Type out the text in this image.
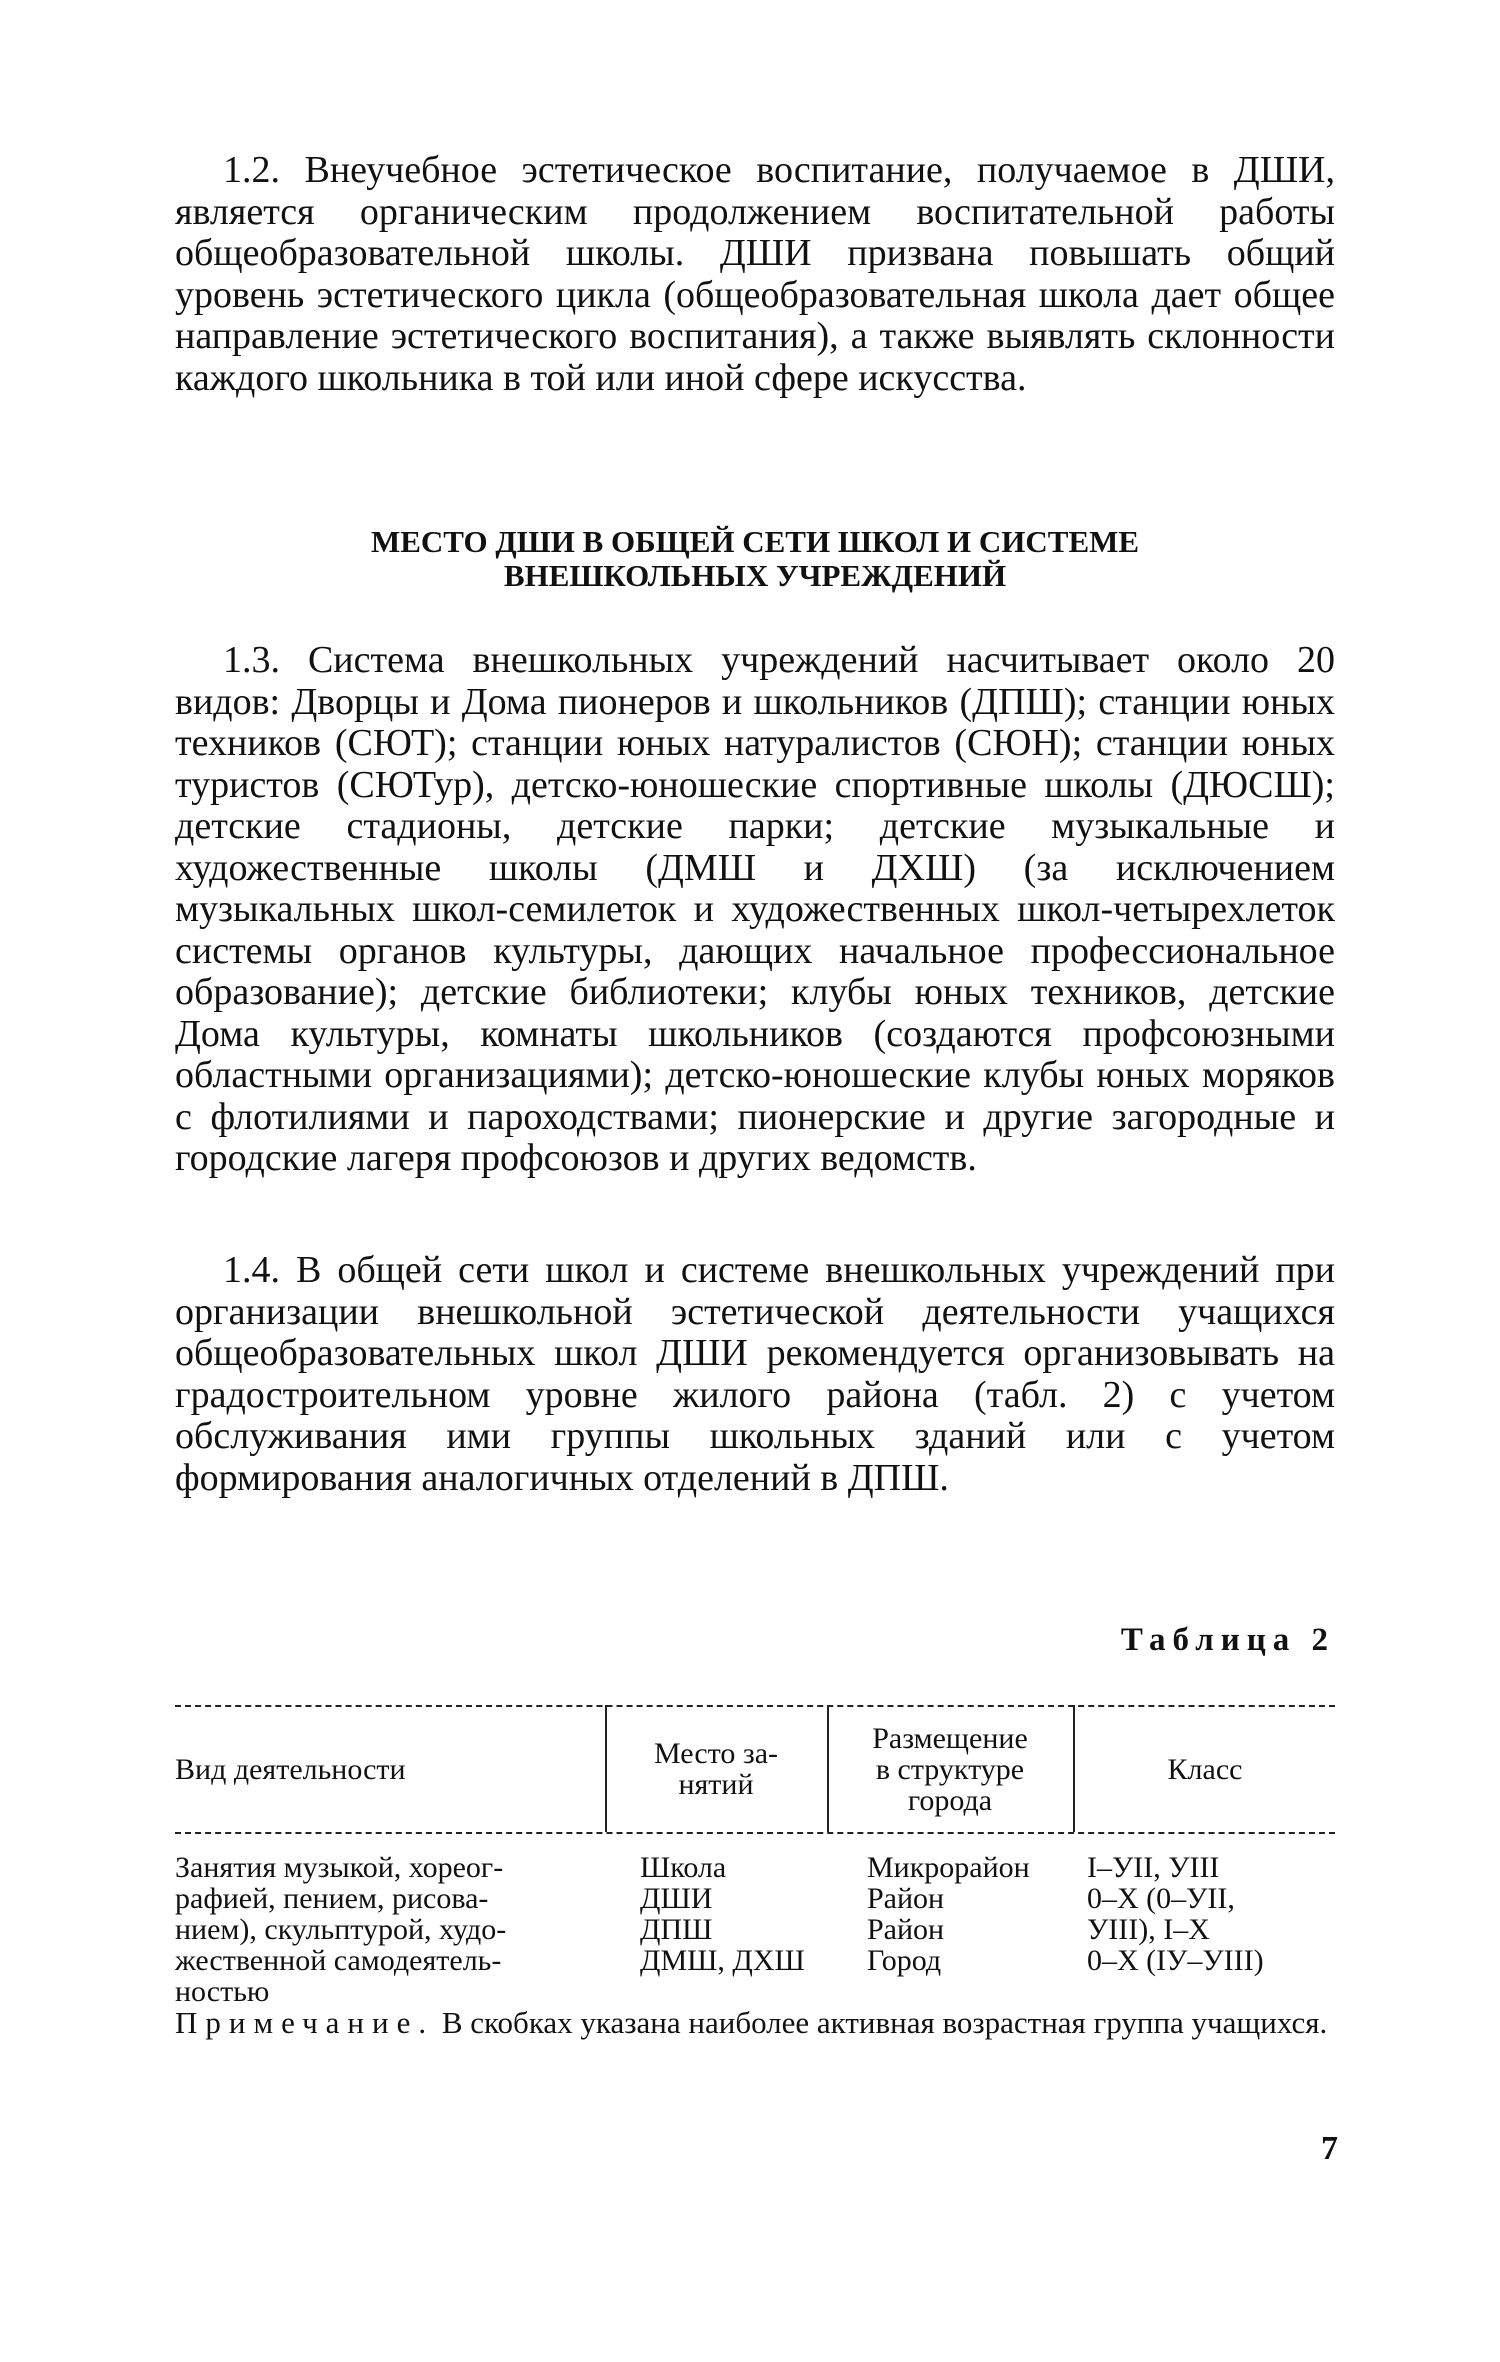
1.2. Внеучебное эстетическое воспитание, получаемое в ДШИ, является органическим продолжением воспитательной работы общеобразовательной школы. ДШИ призвана повышать общий уровень эстетического цикла (общеобразовательная школа дает общее направление эстетического воспитания), а также выявлять склонности каждого школьника в той или иной сфере искусства.

МЕСТО ДШИ В ОБЩЕЙ СЕТИ ШКОЛ И СИСТЕМЕ
ВНЕШКОЛЬНЫХ УЧРЕЖДЕНИЙ

1.3. Система внешкольных учреждений насчитывает около 20 видов: Дворцы и Дома пионеров и школьников (ДПШ); станции юных техников (СЮТ); станции юных натуралистов (СЮН); станции юных туристов (СЮТур), детско-юношеские спортивные школы (ДЮСШ); детские стадионы, детские парки; детские музыкальные и художественные школы (ДМШ и ДХШ) (за исключением музыкальных школ-семилеток и художественных школ-четырехлеток системы органов культуры, дающих начальное профессиональное образование); детские библиотеки; клубы юных техников, детские Дома культуры, комнаты школьников (создаются профсоюзными областными организациями); детско-юношеские клубы юных моряков с флотилиями и пароходствами; пионерские и другие загородные и городские лагеря профсоюзов и других ведомств.

1.4. В общей сети школ и системе внешкольных учреждений при организации внешкольной эстетической деятельности учащихся общеобразовательных школ ДШИ рекомендуется организовывать на градостроительном уровне жилого района (табл. 2) с учетом обслуживания ими группы школьных зданий или с учетом формирования аналогичных отделений в ДПШ.

Таблица 2

Вид деятельности	Место за-
нятий
Размещение
в структуре
города
Класс
Занятия музыкой, хореог-
рафией, пением, рисова-
нием), скульптурой, худо-
жественной самодеятель-
ностью
Школа
ДШИ
ДПШ
ДМШ, ДХШ
Микрорайон
Район
Район
Город
I–УII, УIII
0–X (0–УII,
УIII), I–X
0–X (IУ–УIII)

Примечание. В скобках указана наиболее активная возрастная группа учащихся.

7
